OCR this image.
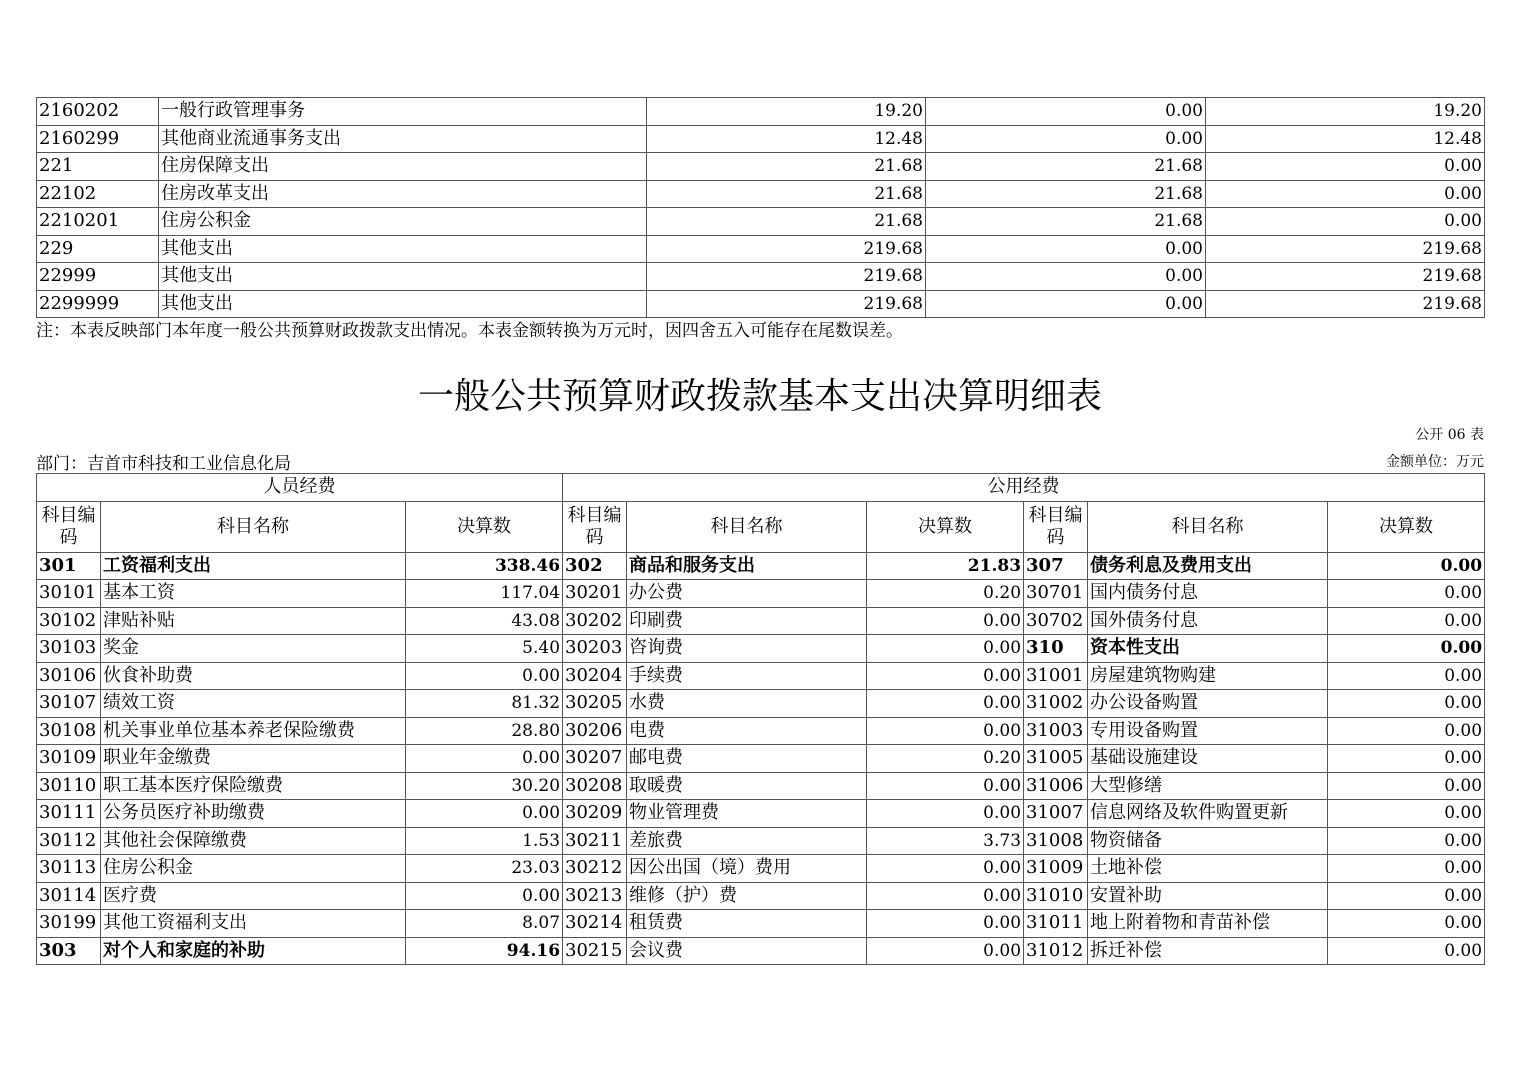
2160202	一般行政管理事务	19.20	0.00	19.20
2160299	其他商业流通事务支出	12.48	0.00	12.48
221	住房保障支出	21.68	21.68	0.00
22102	住房改革支出	21.68	21.68	0.00
2210201	住房公积金	21.68	21.68	0.00
229	其他支出	219.68	0.00	219.68
22999	其他支出	219.68	0.00	219.68
2299999	其他支出	219.68	0.00	219.68
注：本表反映部门本年度一般公共预算财政拨款支出情况。本表金额转换为万元时，因四舍五入可能存在尾数误差。
一般公共预算财政拨款基本支出决算明细表
公开 06 表
部门：吉首市科技和工业信息化局	金额单位：万元
人员经费			公用经费					
科目编码	科目名称	决算数	科目编码	科目名称	决算数	科目编码	科目名称	决算数
301	工资福利支出	338.46	302	商品和服务支出	21.83	307	债务利息及费用支出	0.00
30101	基本工资	117.04	30201	办公费	0.20	30701	国内债务付息	0.00
30102	津贴补贴	43.08	30202	印刷费	0.00	30702	国外债务付息	0.00
30103	奖金	5.40	30203	咨询费	0.00	310	资本性支出	0.00
30106	伙食补助费	0.00	30204	手续费	0.00	31001	房屋建筑物购建	0.00
30107	绩效工资	81.32	30205	水费	0.00	31002	办公设备购置	0.00
30108	机关事业单位基本养老保险缴费	28.80	30206	电费	0.00	31003	专用设备购置	0.00
30109	职业年金缴费	0.00	30207	邮电费	0.20	31005	基础设施建设	0.00
30110	职工基本医疗保险缴费	30.20	30208	取暖费	0.00	31006	大型修缮	0.00
30111	公务员医疗补助缴费	0.00	30209	物业管理费	0.00	31007	信息网络及软件购置更新	0.00
30112	其他社会保障缴费	1.53	30211	差旅费	3.73	31008	物资储备	0.00
30113	住房公积金	23.03	30212	因公出国（境）费用	0.00	31009	土地补偿	0.00
30114	医疗费	0.00	30213	维修（护）费	0.00	31010	安置补助	0.00
30199	其他工资福利支出	8.07	30214	租赁费	0.00	31011	地上附着物和青苗补偿	0.00
303	对个人和家庭的补助	94.16	30215	会议费	0.00	31012	拆迁补偿	0.00
